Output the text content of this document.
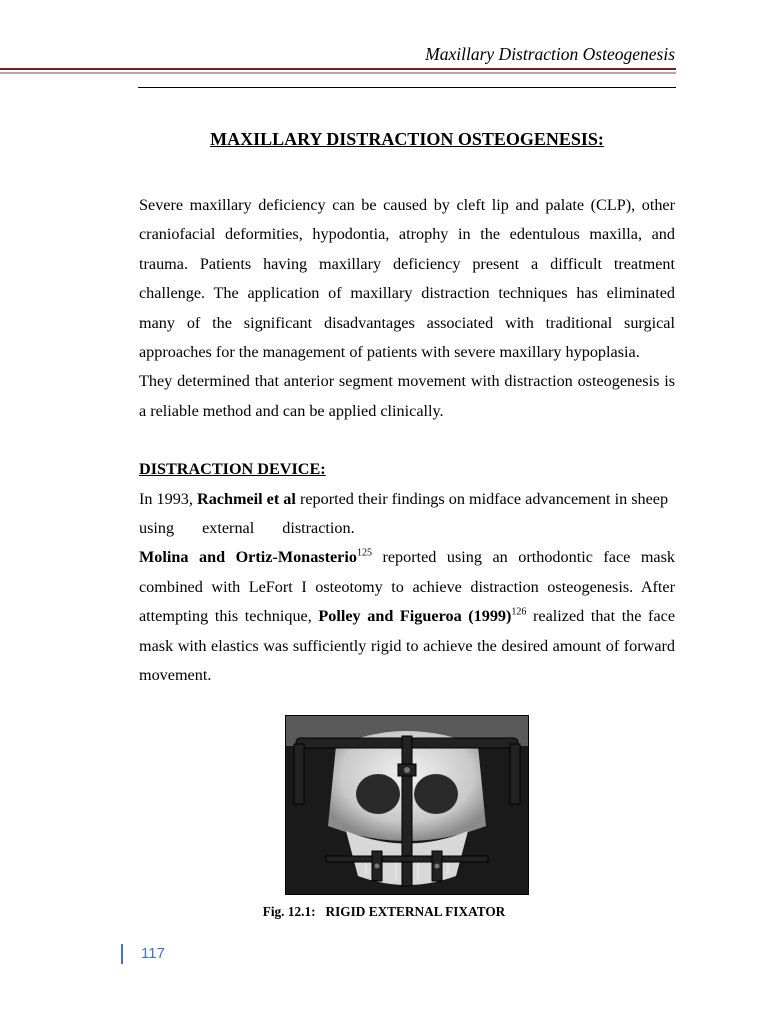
Maxillary Distraction Osteogenesis
MAXILLARY DISTRACTION OSTEOGENESIS:

Severe maxillary deficiency can be caused by cleft lip and palate (CLP), other craniofacial deformities, hypodontia, atrophy in the edentulous maxilla, and trauma. Patients having maxillary deficiency present a difficult treatment challenge. The application of maxillary distraction techniques has eliminated many of the significant disadvantages associated with traditional surgical approaches for the management of patients with severe maxillary hypoplasia.

They determined that anterior segment movement with distraction osteogenesis is a reliable method and can be applied clinically.

DISTRACTION DEVICE:

In 1993, Rachmeil et al reported their findings on midface advancement in sheep using external distraction.

Molina and Ortiz-Monasterio$^{125}$ reported using an orthodontic face mask combined with LeFort I osteotomy to achieve distraction osteogenesis. After attempting this technique, Polley and Figueroa $(1999)^{126}$ realized that the face mask with elastics was sufficiently rigid to achieve the desired amount of forward movement.

Fig. 12.1:   RIGID EXTERNAL FIXATOR
117
